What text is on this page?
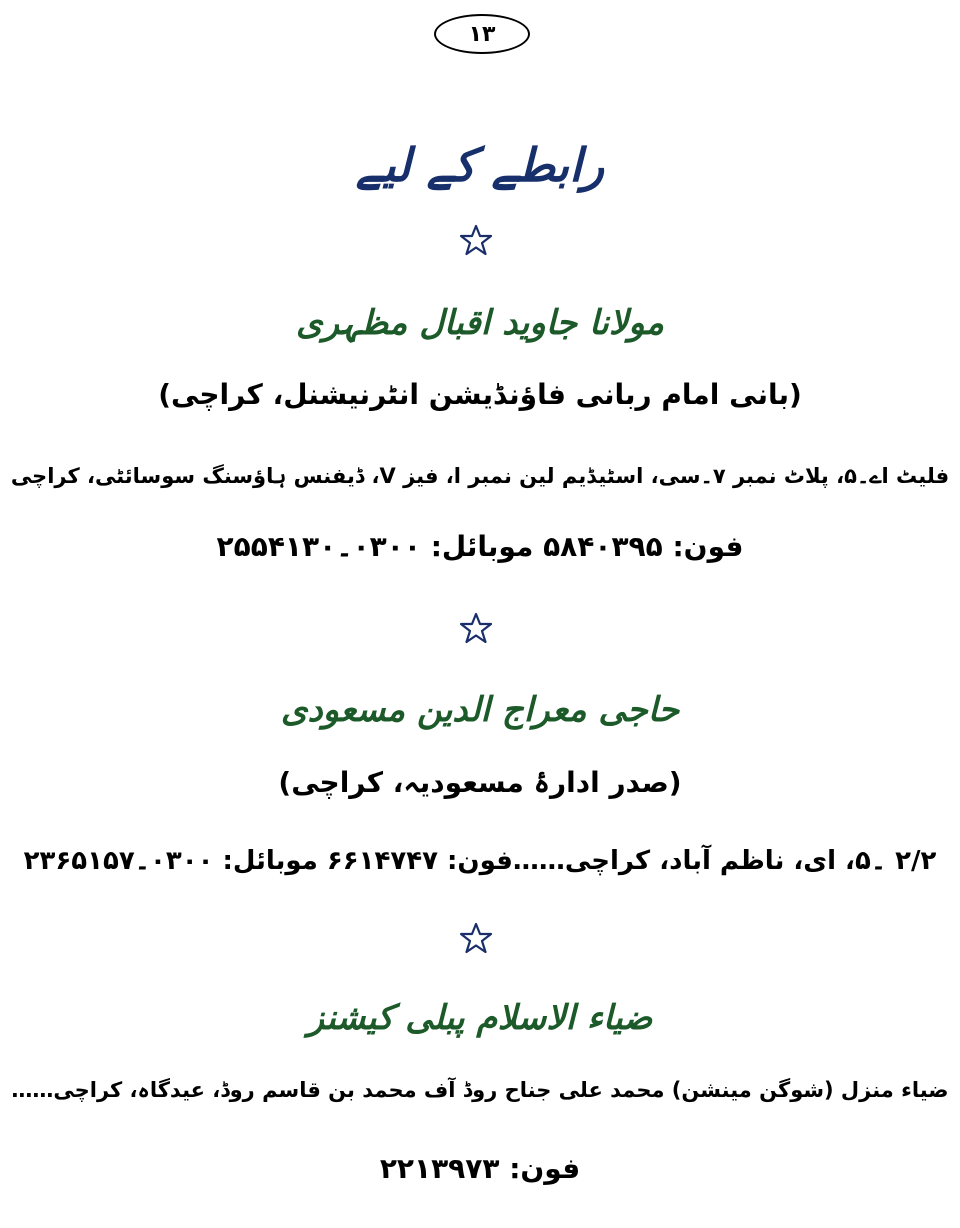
۱۳
رابطے کے لیے
مولانا جاوید اقبال مظہری
(بانی امام ربانی فاؤنڈیشن انٹرنیشنل، کراچی)
فلیٹ اے۔۵، پلاٹ نمبر ۷۔سی، اسٹیڈیم لین نمبر ا، فیز V، ڈیفنس ہاؤسنگ سوسائٹی، کراچی
فون: ۵۸۴۰۳۹۵ موبائل: ۰۳۰۰۔۲۵۵۴۱۳۰
حاجی معراج الدین مسعودی
(صدر ادارۂ مسعودیہ، کراچی)
۲/۲ ۔۵، ای، ناظم آباد، کراچی……فون: ۶۶۱۴۷۴۷ موبائل: ۰۳۰۰۔۲۳۶۵۱۵۷
ضیاء الاسلام پبلی کیشنز
ضیاء منزل (شوگن مینشن) محمد علی جناح روڈ آف محمد بن قاسم روڈ، عیدگاہ، کراچی……
فون: ۲۲۱۳۹۷۳
